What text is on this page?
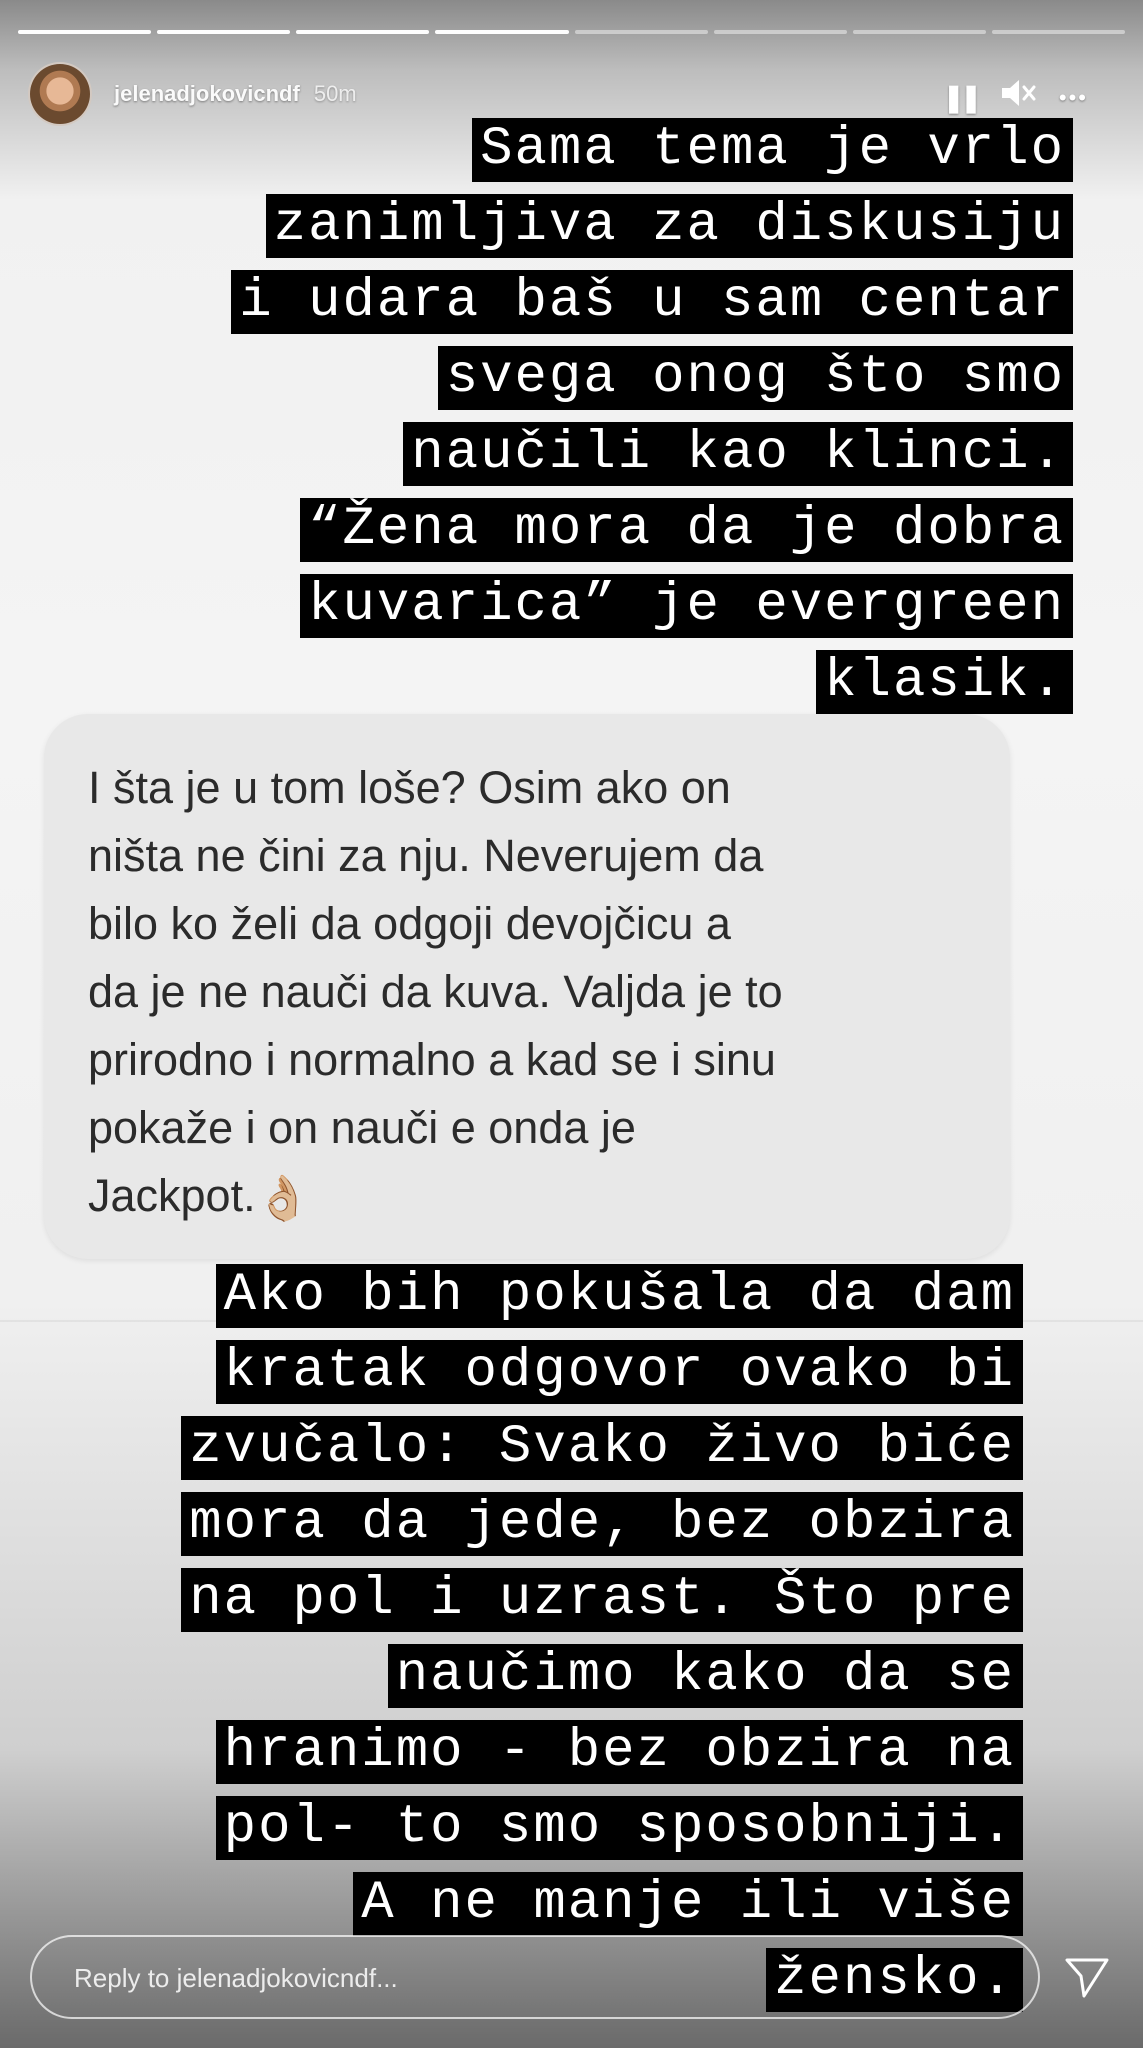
jelenadjokovicndf 50m	❚❚	•••
Sama tema je vrlo
zanimljiva za diskusiju
i udara baš u sam centar
svega onog što smo
naučili kao klinci.
“Žena mora da je dobra
kuvarica” je evergreen
klasik.
I šta je u tom loše? Osim ako on
ništa ne čini za nju. Neverujem da
bilo ko želi da odgoji devojčicu a
da je ne nauči da kuva. Valjda je to
prirodno i normalno a kad se i sinu
pokaže i on nauči e onda je
Jackpot.👌🏼
Ako bih pokušala da dam
kratak odgovor ovako bi
zvučalo: Svako živo biće
mora da jede, bez obzira
na pol i uzrast. Što pre
naučimo kako da se
hranimo - bez obzira na
pol- to smo sposobniji.
A ne manje ili više
žensko.
Reply to jelenadjokovicndf...
